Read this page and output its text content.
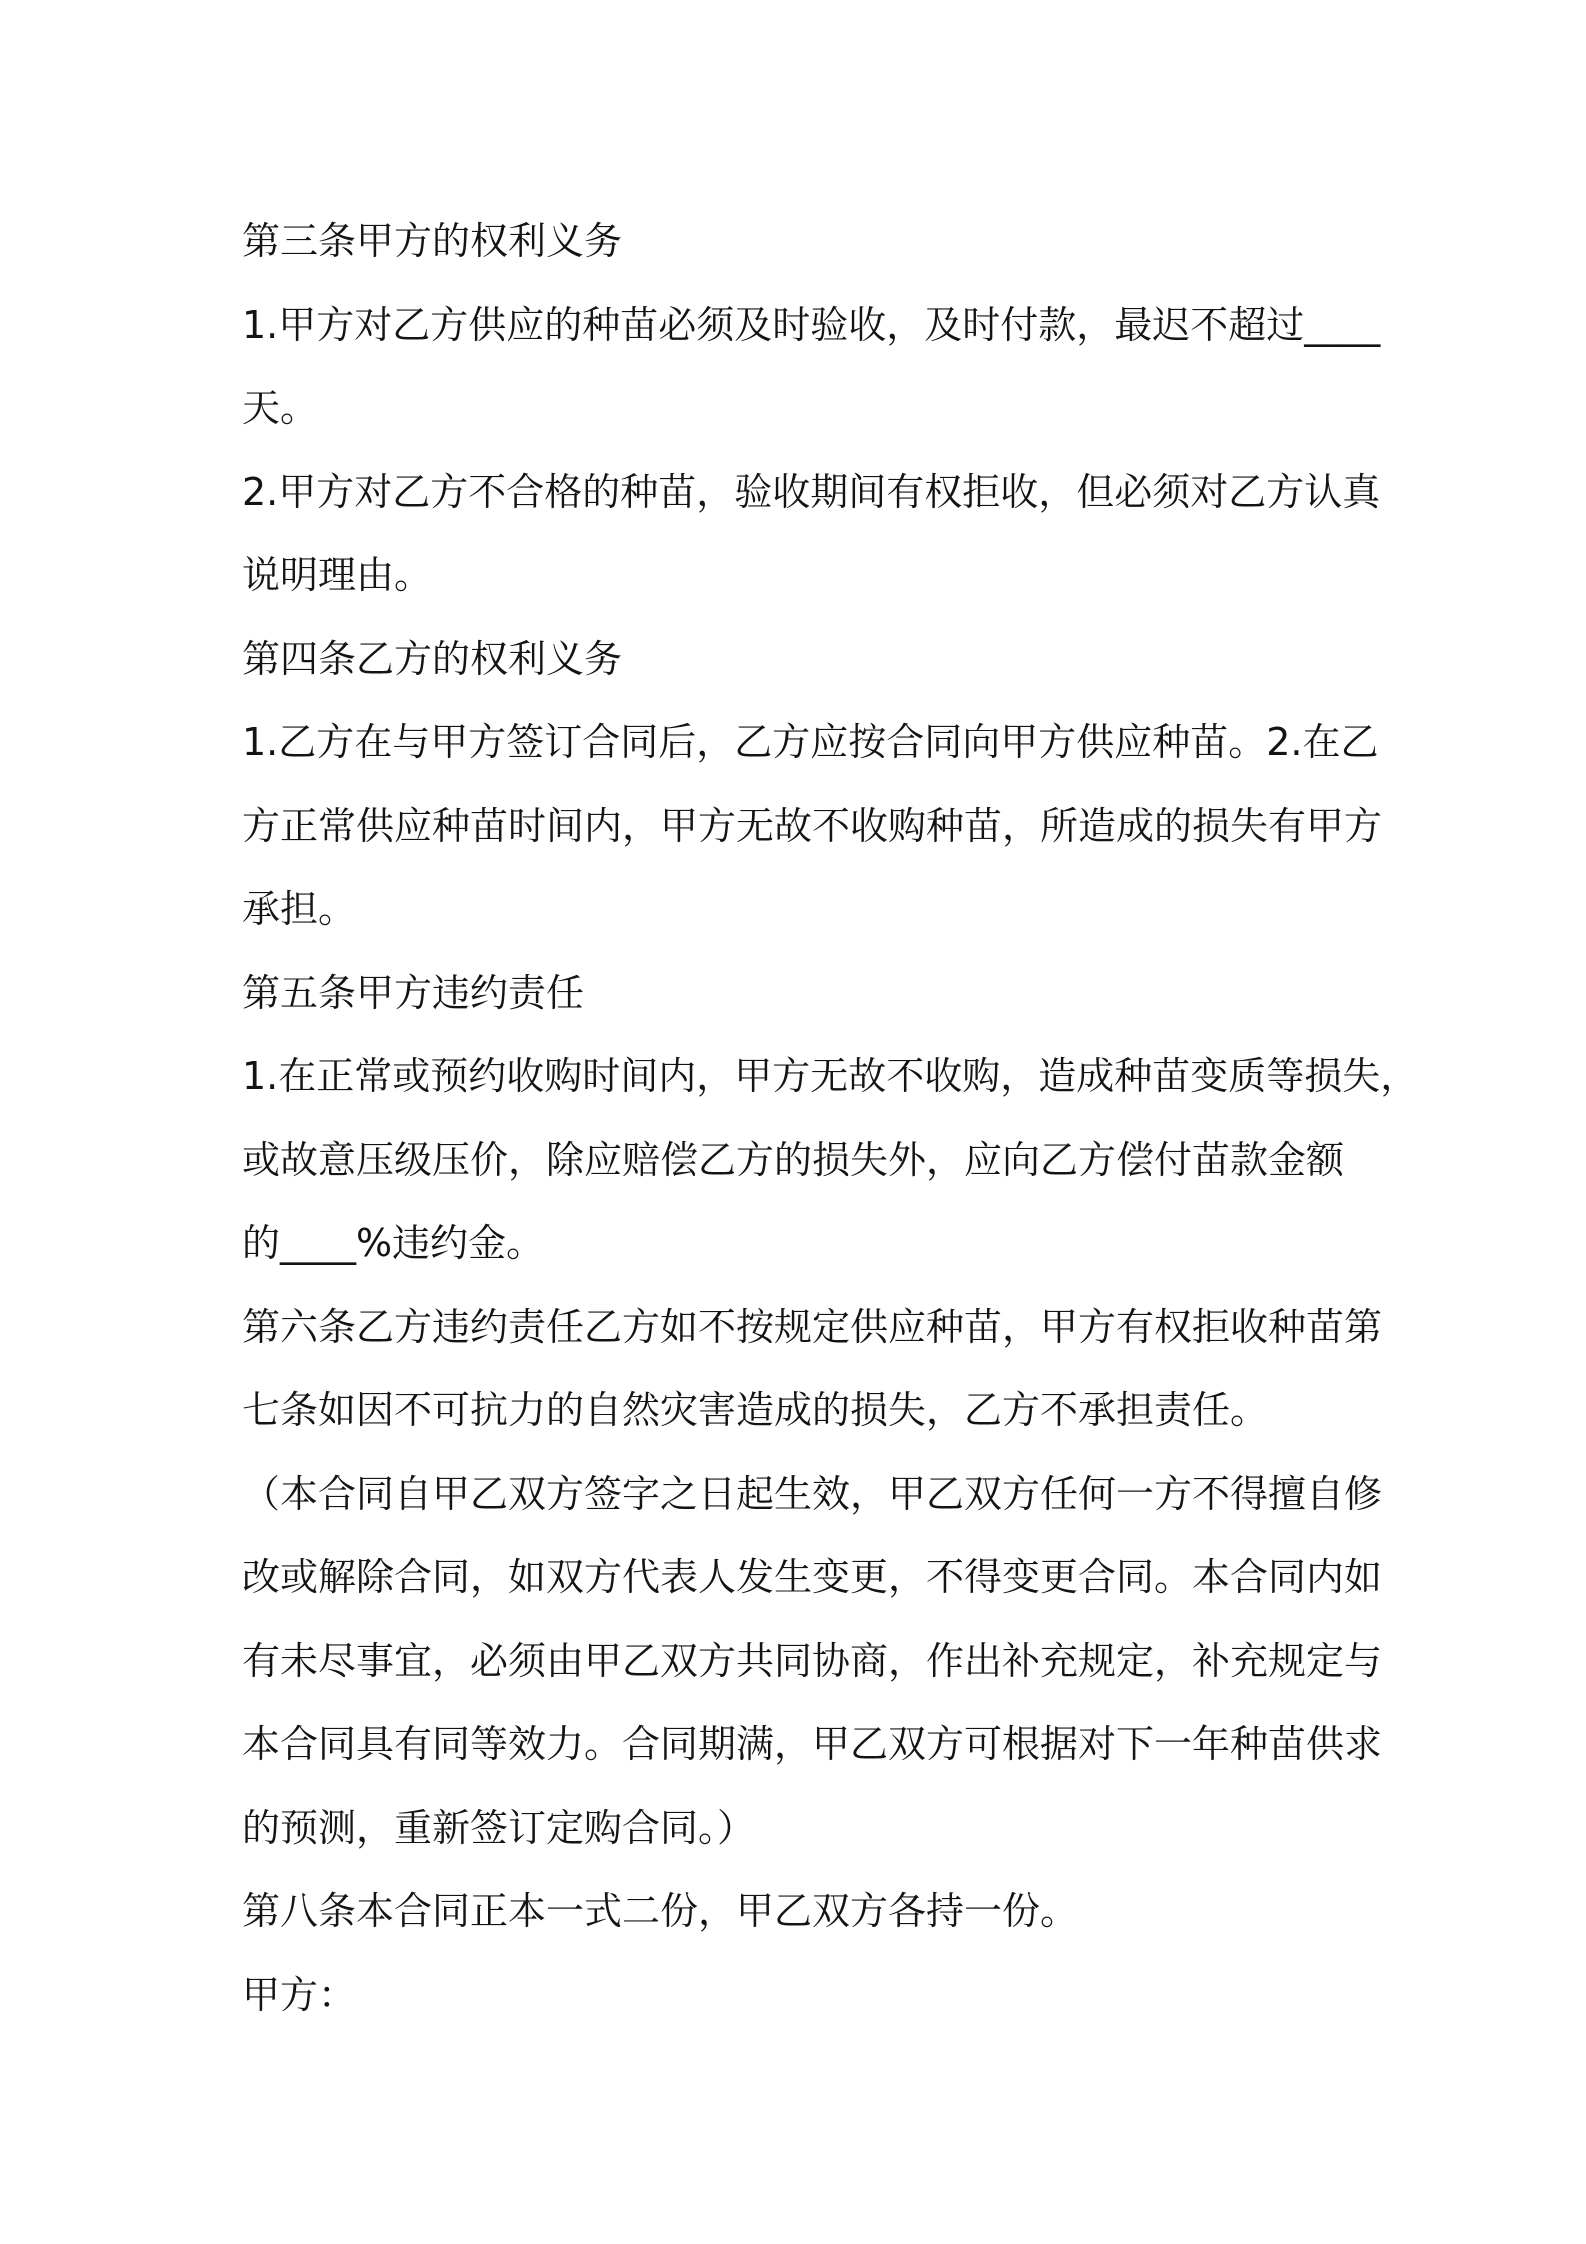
第三条甲方的权利义务
1.甲方对乙方供应的种苗必须及时验收，及时付款，最迟不超过____
天。
2.甲方对乙方不合格的种苗，验收期间有权拒收，但必须对乙方认真
说明理由。
第四条乙方的权利义务
1.乙方在与甲方签订合同后，乙方应按合同向甲方供应种苗。2.在乙
方正常供应种苗时间内，甲方无故不收购种苗，所造成的损失有甲方
承担。
第五条甲方违约责任
1.在正常或预约收购时间内，甲方无故不收购，造成种苗变质等损失，
或故意压级压价，除应赔偿乙方的损失外，应向乙方偿付苗款金额
的____%违约金。
第六条乙方违约责任乙方如不按规定供应种苗，甲方有权拒收种苗第
七条如因不可抗力的自然灾害造成的损失，乙方不承担责任。
（本合同自甲乙双方签字之日起生效，甲乙双方任何一方不得擅自修
改或解除合同，如双方代表人发生变更，不得变更合同。本合同内如
有未尽事宜，必须由甲乙双方共同协商，作出补充规定，补充规定与
本合同具有同等效力。合同期满，甲乙双方可根据对下一年种苗供求
的预测，重新签订定购合同。）
第八条本合同正本一式二份，甲乙双方各持一份。
甲方：
